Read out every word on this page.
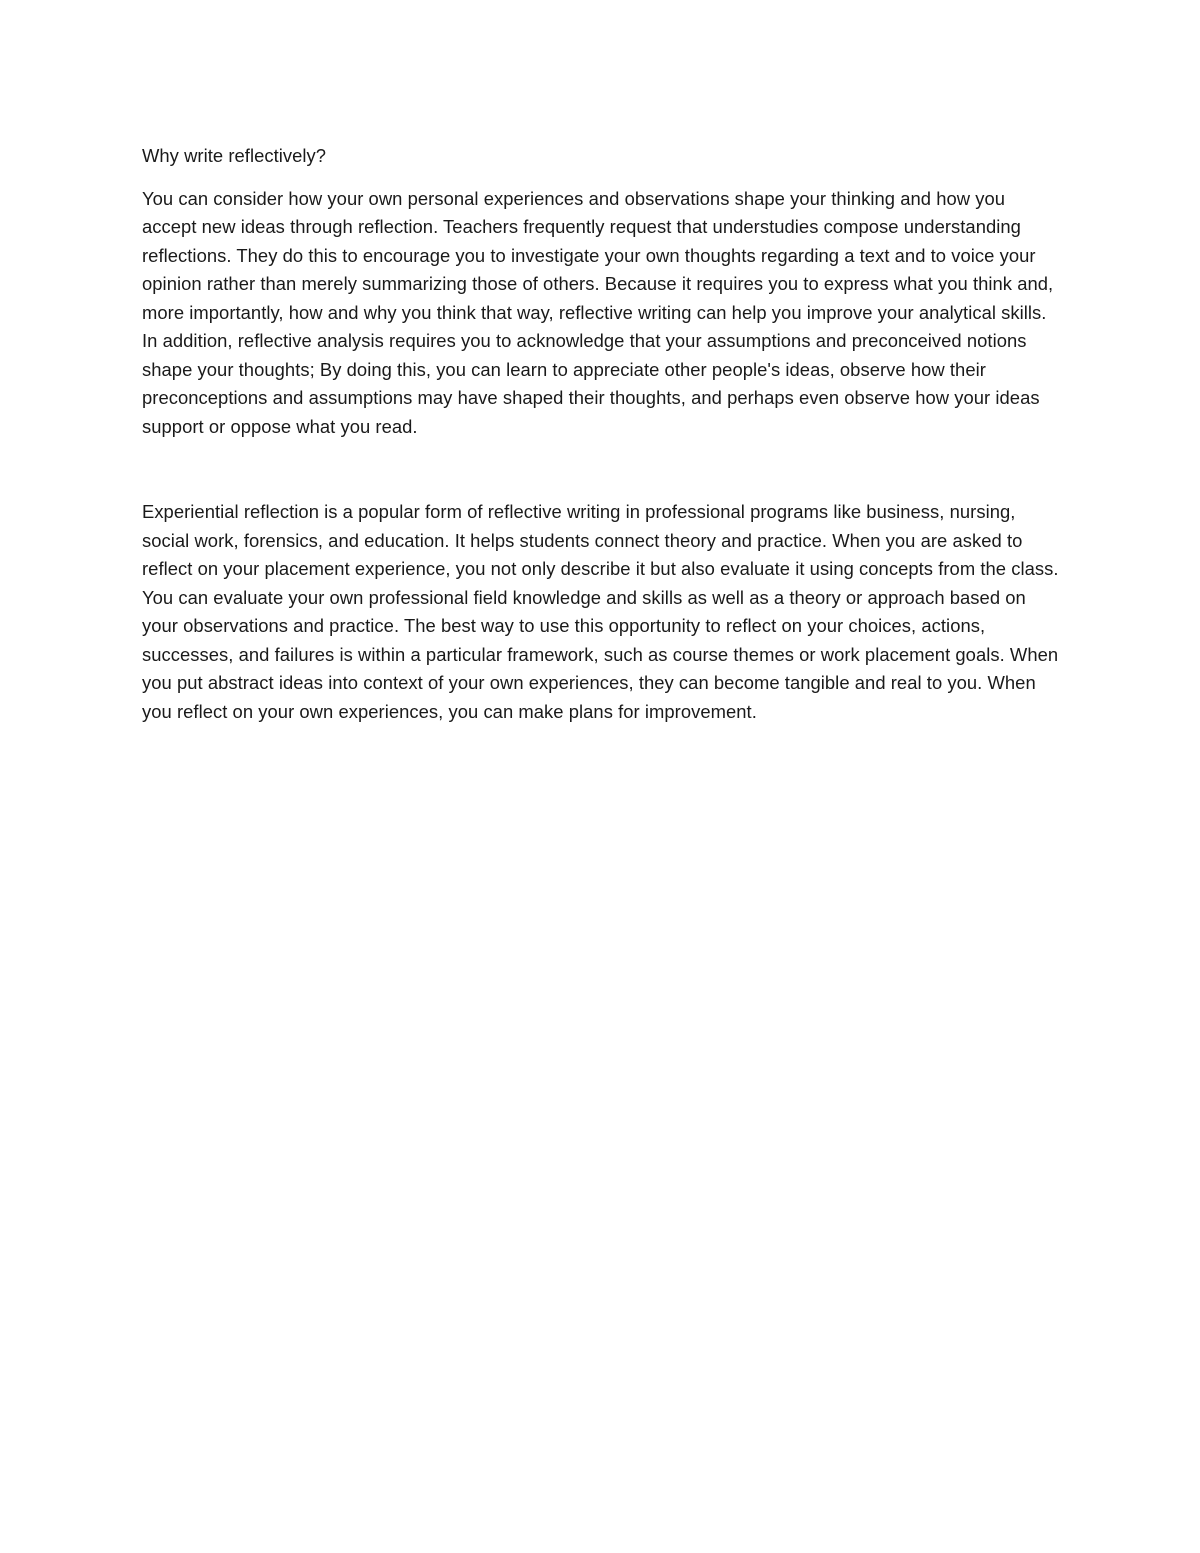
Why write reflectively?

You can consider how your own personal experiences and observations shape your thinking and how you accept new ideas through reflection. Teachers frequently request that understudies compose understanding reflections. They do this to encourage you to investigate your own thoughts regarding a text and to voice your opinion rather than merely summarizing those of others. Because it requires you to express what you think and, more importantly, how and why you think that way, reflective writing can help you improve your analytical skills. In addition, reflective analysis requires you to acknowledge that your assumptions and preconceived notions shape your thoughts; By doing this, you can learn to appreciate other people's ideas, observe how their preconceptions and assumptions may have shaped their thoughts, and perhaps even observe how your ideas support or oppose what you read.

Experiential reflection is a popular form of reflective writing in professional programs like business, nursing, social work, forensics, and education. It helps students connect theory and practice. When you are asked to reflect on your placement experience, you not only describe it but also evaluate it using concepts from the class. You can evaluate your own professional field knowledge and skills as well as a theory or approach based on your observations and practice. The best way to use this opportunity to reflect on your choices, actions, successes, and failures is within a particular framework, such as course themes or work placement goals. When you put abstract ideas into context of your own experiences, they can become tangible and real to you. When you reflect on your own experiences, you can make plans for improvement.
